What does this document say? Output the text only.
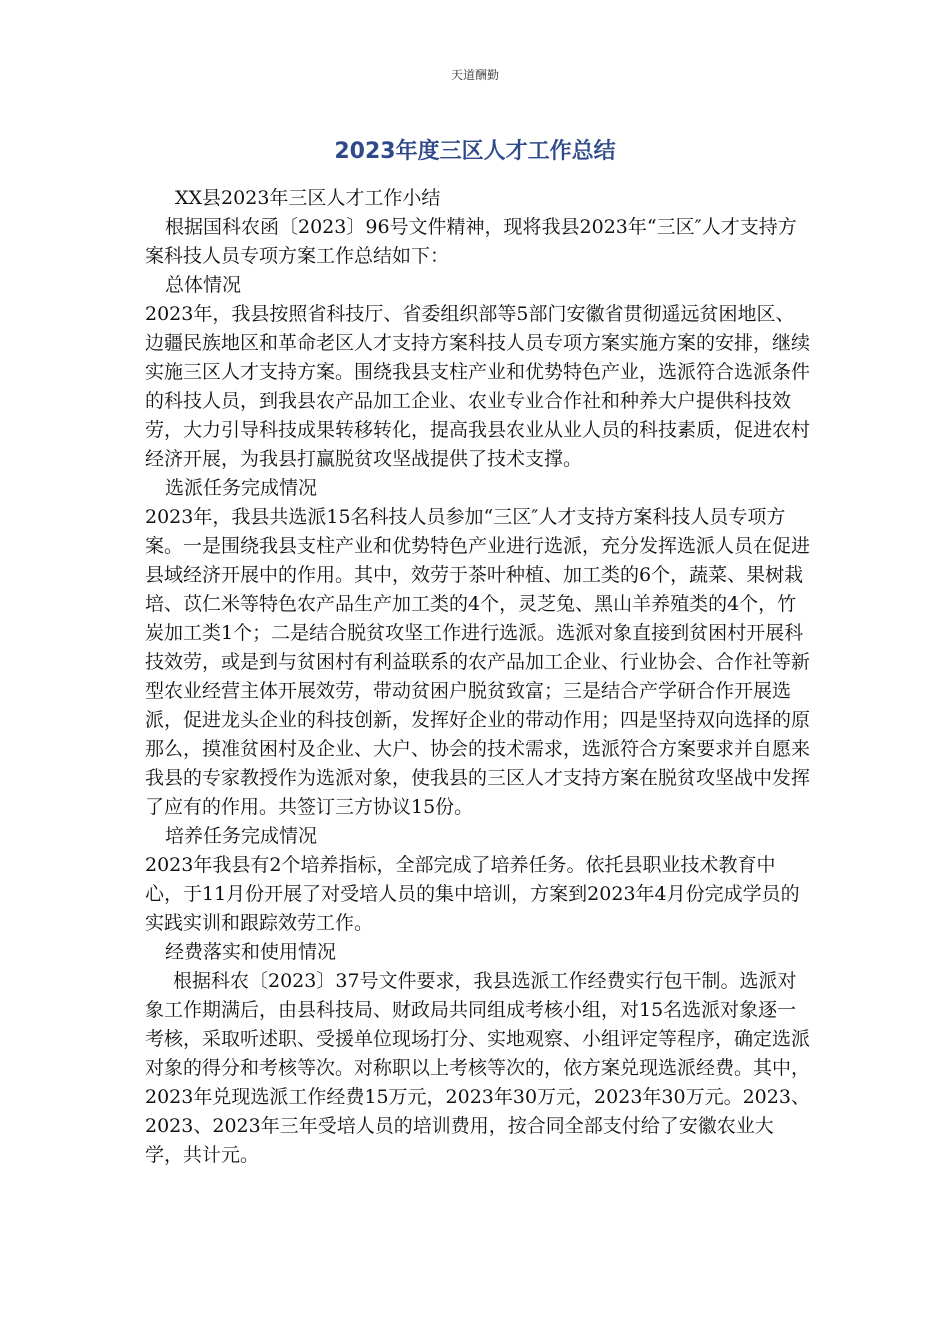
天道酬勤
2023年度三区人才工作总结

XX县2023年三区人才工作小结

根据国科农函〔2023〕96号文件精神，现将我县2023年“三区″人才支持方案科技人员专项方案工作总结如下：

总体情况

2023年，我县按照省科技厅、省委组织部等5部门安徽省贯彻遥远贫困地区、边疆民族地区和革命老区人才支持方案科技人员专项方案实施方案的安排，继续实施三区人才支持方案。围绕我县支柱产业和优势特色产业，选派符合选派条件的科技人员，到我县农产品加工企业、农业专业合作社和种养大户提供科技效劳，大力引导科技成果转移转化，提高我县农业从业人员的科技素质，促进农村经济开展，为我县打赢脱贫攻坚战提供了技术支撑。

选派任务完成情况

2023年，我县共选派15名科技人员参加“三区″人才支持方案科技人员专项方案。一是围绕我县支柱产业和优势特色产业进行选派，充分发挥选派人员在促进县域经济开展中的作用。其中，效劳于茶叶种植、加工类的6个，蔬菜、果树栽培、苡仁米等特色农产品生产加工类的4个，灵芝兔、黑山羊养殖类的4个，竹炭加工类1个；二是结合脱贫攻坚工作进行选派。选派对象直接到贫困村开展科技效劳，或是到与贫困村有利益联系的农产品加工企业、行业协会、合作社等新型农业经营主体开展效劳，带动贫困户脱贫致富；三是结合产学研合作开展选派，促进龙头企业的科技创新，发挥好企业的带动作用；四是坚持双向选择的原那么，摸准贫困村及企业、大户、协会的技术需求，选派符合方案要求并自愿来我县的专家教授作为选派对象，使我县的三区人才支持方案在脱贫攻坚战中发挥了应有的作用。共签订三方协议15份。

培养任务完成情况

2023年我县有2个培养指标，全部完成了培养任务。依托县职业技术教育中心，于11月份开展了对受培人员的集中培训，方案到2023年4月份完成学员的实践实训和跟踪效劳工作。

经费落实和使用情况

根据科农〔2023〕37号文件要求，我县选派工作经费实行包干制。选派对象工作期满后，由县科技局、财政局共同组成考核小组，对15名选派对象逐一考核，采取听述职、受援单位现场打分、实地观察、小组评定等程序，确定选派对象的得分和考核等次。对称职以上考核等次的，依方案兑现选派经费。其中，2023年兑现选派工作经费15万元，2023年30万元，2023年30万元。2023、2023、2023年三年受培人员的培训费用，按合同全部支付给了安徽农业大学，共计元。
